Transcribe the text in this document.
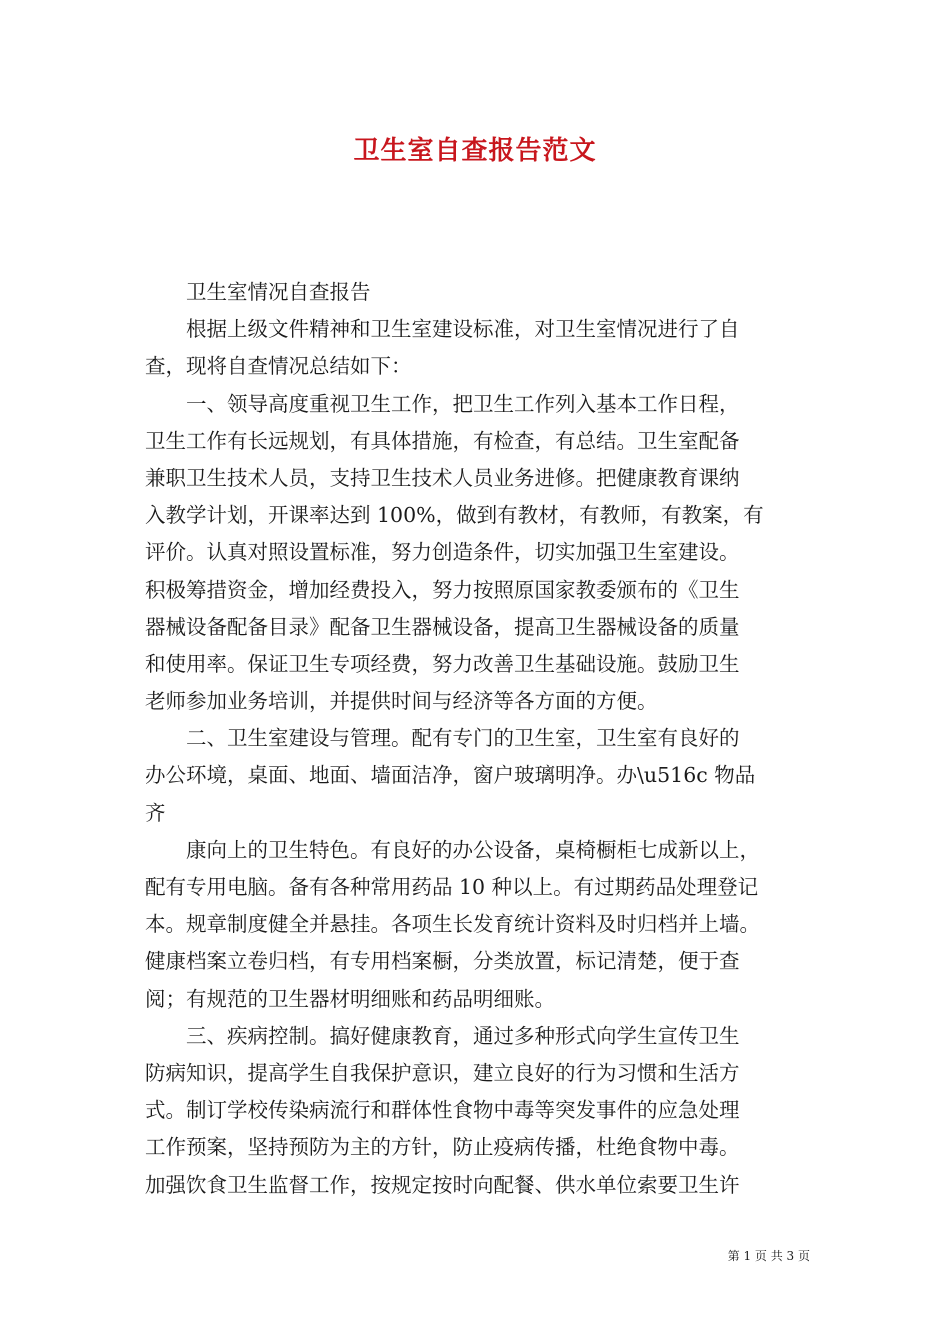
卫生室自查报告范文
　　卫生室情况自查报告
　　根据上级文件精神和卫生室建设标准，对卫生室情况进行了自
查，现将自查情况总结如下：
　　一、领导高度重视卫生工作，把卫生工作列入基本工作日程，
卫生工作有长远规划，有具体措施，有检查，有总结。卫生室配备
兼职卫生技术人员，支持卫生技术人员业务进修。把健康教育课纳
入教学计划，开课率达到 100%，做到有教材，有教师，有教案，有
评价。认真对照设置标准，努力创造条件，切实加强卫生室建设。
积极筹措资金，增加经费投入，努力按照原国家教委颁布的《卫生
器械设备配备目录》配备卫生器械设备，提高卫生器械设备的质量
和使用率。保证卫生专项经费，努力改善卫生基础设施。鼓励卫生
老师参加业务培训，并提供时间与经济等各方面的方便。
　　二、卫生室建设与管理。配有专门的卫生室，卫生室有良好的
办公环境，桌面、地面、墙面洁净，窗户玻璃明净。办\u516c 物品
齐
　　康向上的卫生特色。有良好的办公设备，桌椅橱柜七成新以上，
配有专用电脑。备有各种常用药品 10 种以上。有过期药品处理登记
本。规章制度健全并悬挂。各项生长发育统计资料及时归档并上墙。
健康档案立卷归档，有专用档案橱，分类放置，标记清楚，便于查
阅；有规范的卫生器材明细账和药品明细账。
　　三、疾病控制。搞好健康教育，通过多种形式向学生宣传卫生
防病知识，提高学生自我保护意识，建立良好的行为习惯和生活方
式。制订学校传染病流行和群体性食物中毒等突发事件的应急处理
工作预案，坚持预防为主的方针，防止疫病传播，杜绝食物中毒。
加强饮食卫生监督工作，按规定按时向配餐、供水单位索要卫生许
第 1 页 共 3 页
